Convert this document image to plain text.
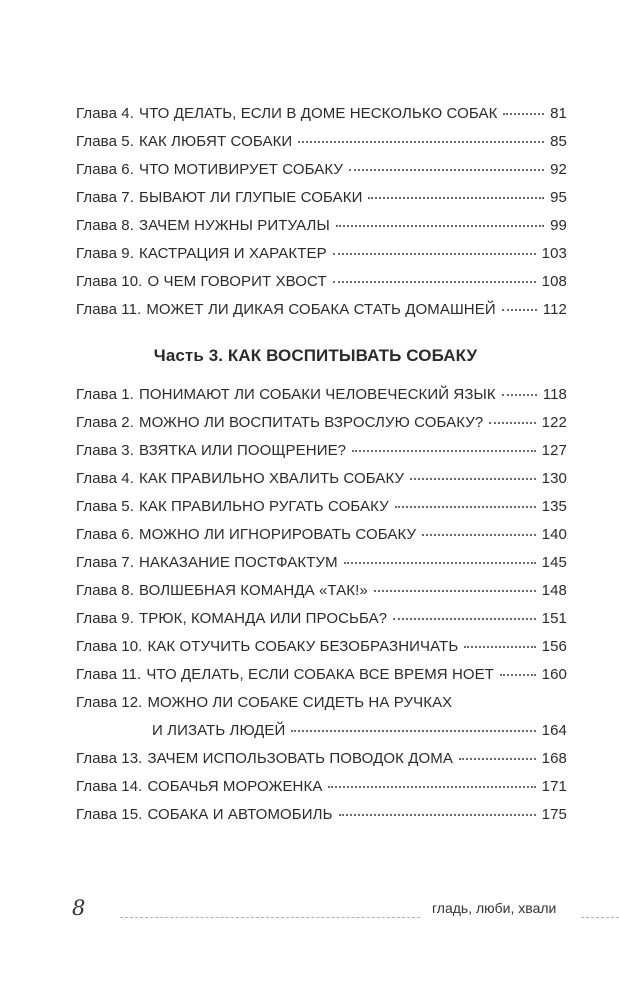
Глава 4. ЧТО ДЕЛАТЬ, ЕСЛИ В ДОМЕ НЕСКОЛЬКО СОБАК	81
Глава 5. КАК ЛЮБЯТ СОБАКИ	85
Глава 6. ЧТО МОТИВИРУЕТ СОБАКУ	92
Глава 7. БЫВАЮТ ЛИ ГЛУПЫЕ СОБАКИ	95
Глава 8. ЗАЧЕМ НУЖНЫ РИТУАЛЫ	99
Глава 9. КАСТРАЦИЯ И ХАРАКТЕР	103
Глава 10. О ЧЕМ ГОВОРИТ ХВОСТ	108
Глава 11. МОЖЕТ ЛИ ДИКАЯ СОБАКА СТАТЬ ДОМАШНЕЙ	112
Глава 1. ПОНИМАЮТ ЛИ СОБАКИ ЧЕЛОВЕЧЕСКИЙ ЯЗЫК	118
Глава 2. МОЖНО ЛИ ВОСПИТАТЬ ВЗРОСЛУЮ СОБАКУ?	122
Глава 3. ВЗЯТКА ИЛИ ПООЩРЕНИЕ?	127
Глава 4. КАК ПРАВИЛЬНО ХВАЛИТЬ СОБАКУ	130
Глава 5. КАК ПРАВИЛЬНО РУГАТЬ СОБАКУ	135
Глава 6. МОЖНО ЛИ ИГНОРИРОВАТЬ СОБАКУ	140
Глава 7. НАКАЗАНИЕ ПОСТФАКТУМ	145
Глава 8. ВОЛШЕБНАЯ КОМАНДА «ТАК!»	148
Глава 9. ТРЮК, КОМАНДА ИЛИ ПРОСЬБА?	151
Глава 10. КАК ОТУЧИТЬ СОБАКУ БЕЗОБРАЗНИЧАТЬ	156
Глава 11. ЧТО ДЕЛАТЬ, ЕСЛИ СОБАКА ВСЕ ВРЕМЯ НОЕТ	160
Глава 12. МОЖНО ЛИ СОБАКЕ СИДЕТЬ НА РУЧКАХ
И ЛИЗАТЬ ЛЮДЕЙ	164
Глава 13. ЗАЧЕМ ИСПОЛЬЗОВАТЬ ПОВОДОК ДОМА	168
Глава 14. СОБАЧЬЯ МОРОЖЕНКА	171
Глава 15. СОБАКА И АВТОМОБИЛЬ	175
Часть 3. КАК ВОСПИТЫВАТЬ СОБАКУ
8	гладь, люби, хвали
